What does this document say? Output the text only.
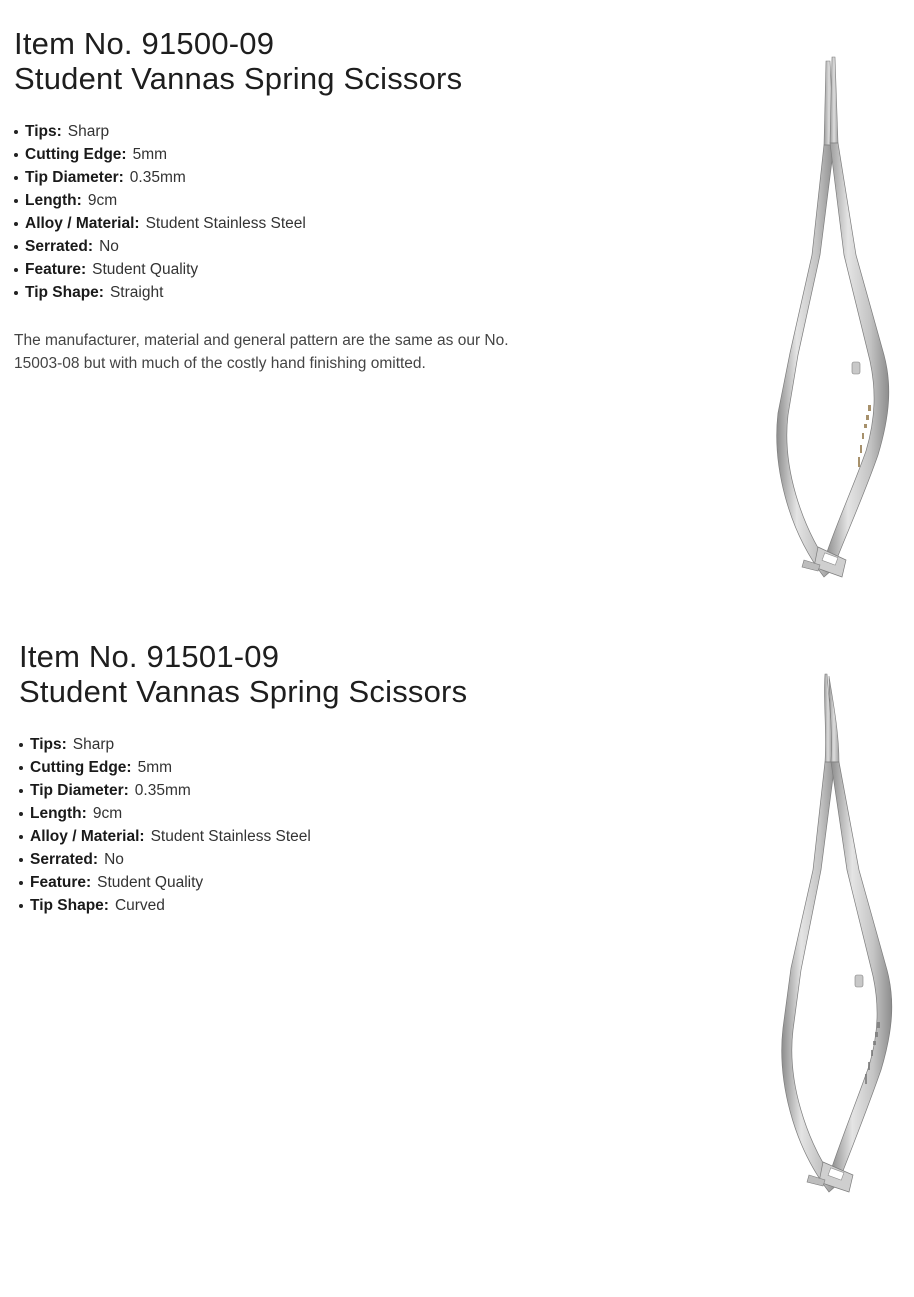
Item No. 91500-09
Student Vannas Spring Scissors
Tips: Sharp
Cutting Edge: 5mm
Tip Diameter: 0.35mm
Length: 9cm
Alloy / Material: Student Stainless Steel
Serrated: No
Feature: Student Quality
Tip Shape: Straight

The manufacturer, material and general pattern are the same as our No. 15003-08 but with much of the costly hand finishing omitted.

Item No. 91501-09
Student Vannas Spring Scissors
Tips: Sharp
Cutting Edge: 5mm
Tip Diameter: 0.35mm
Length: 9cm
Alloy / Material: Student Stainless Steel
Serrated: No
Feature: Student Quality
Tip Shape: Curved
